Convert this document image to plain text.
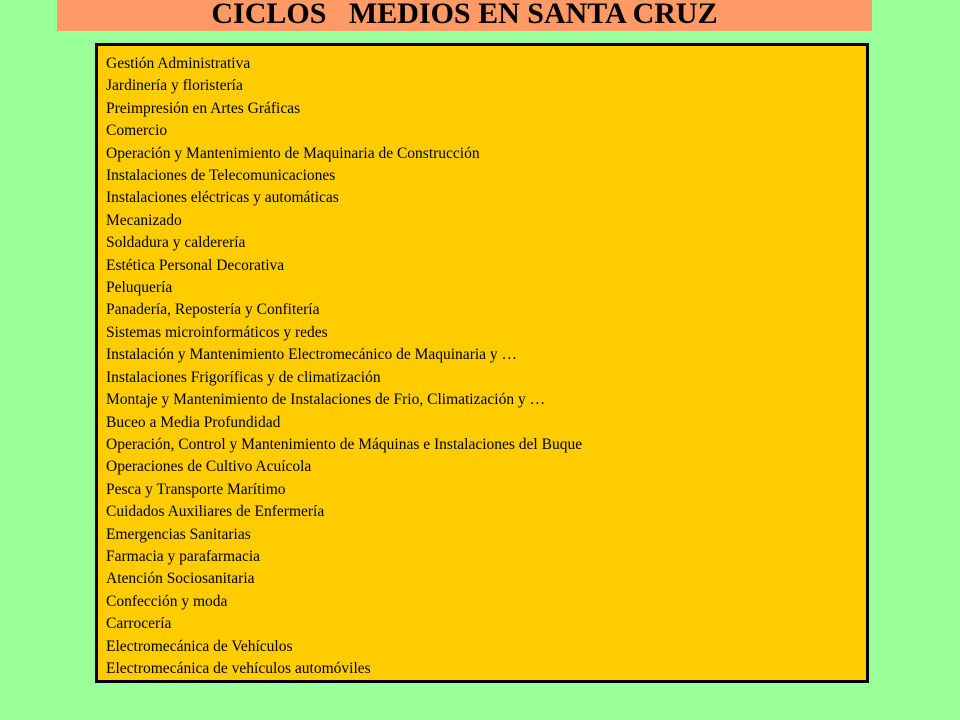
CICLOS   MEDIOS EN SANTA CRUZ
Gestión Administrativa
Jardinería y floristería
Preimpresión en Artes Gráficas
Comercio
Operación y Mantenimiento de Maquinaria de Construcción
Instalaciones de Telecomunicaciones
Instalaciones eléctricas y automáticas
Mecanizado
Soldadura y calderería
Estética Personal Decorativa
Peluquería
Panadería, Repostería y Confitería
Sistemas microinformáticos y redes
Instalación y Mantenimiento Electromecánico de Maquinaria y …
Instalaciones Frigoríficas y de climatización
Montaje y Mantenimiento de Instalaciones de Frio, Climatización y …
Buceo a Media Profundidad
Operación, Control y Mantenimiento de Máquinas e Instalaciones del Buque
Operaciones de Cultivo Acuícola
Pesca y Transporte Marítimo
Cuidados Auxiliares de Enfermería
Emergencias Sanitarias
Farmacia y parafarmacia
Atención Sociosanitaria
Confección y moda
Carrocería
Electromecánica de Vehículos
Electromecánica de vehículos automóviles
